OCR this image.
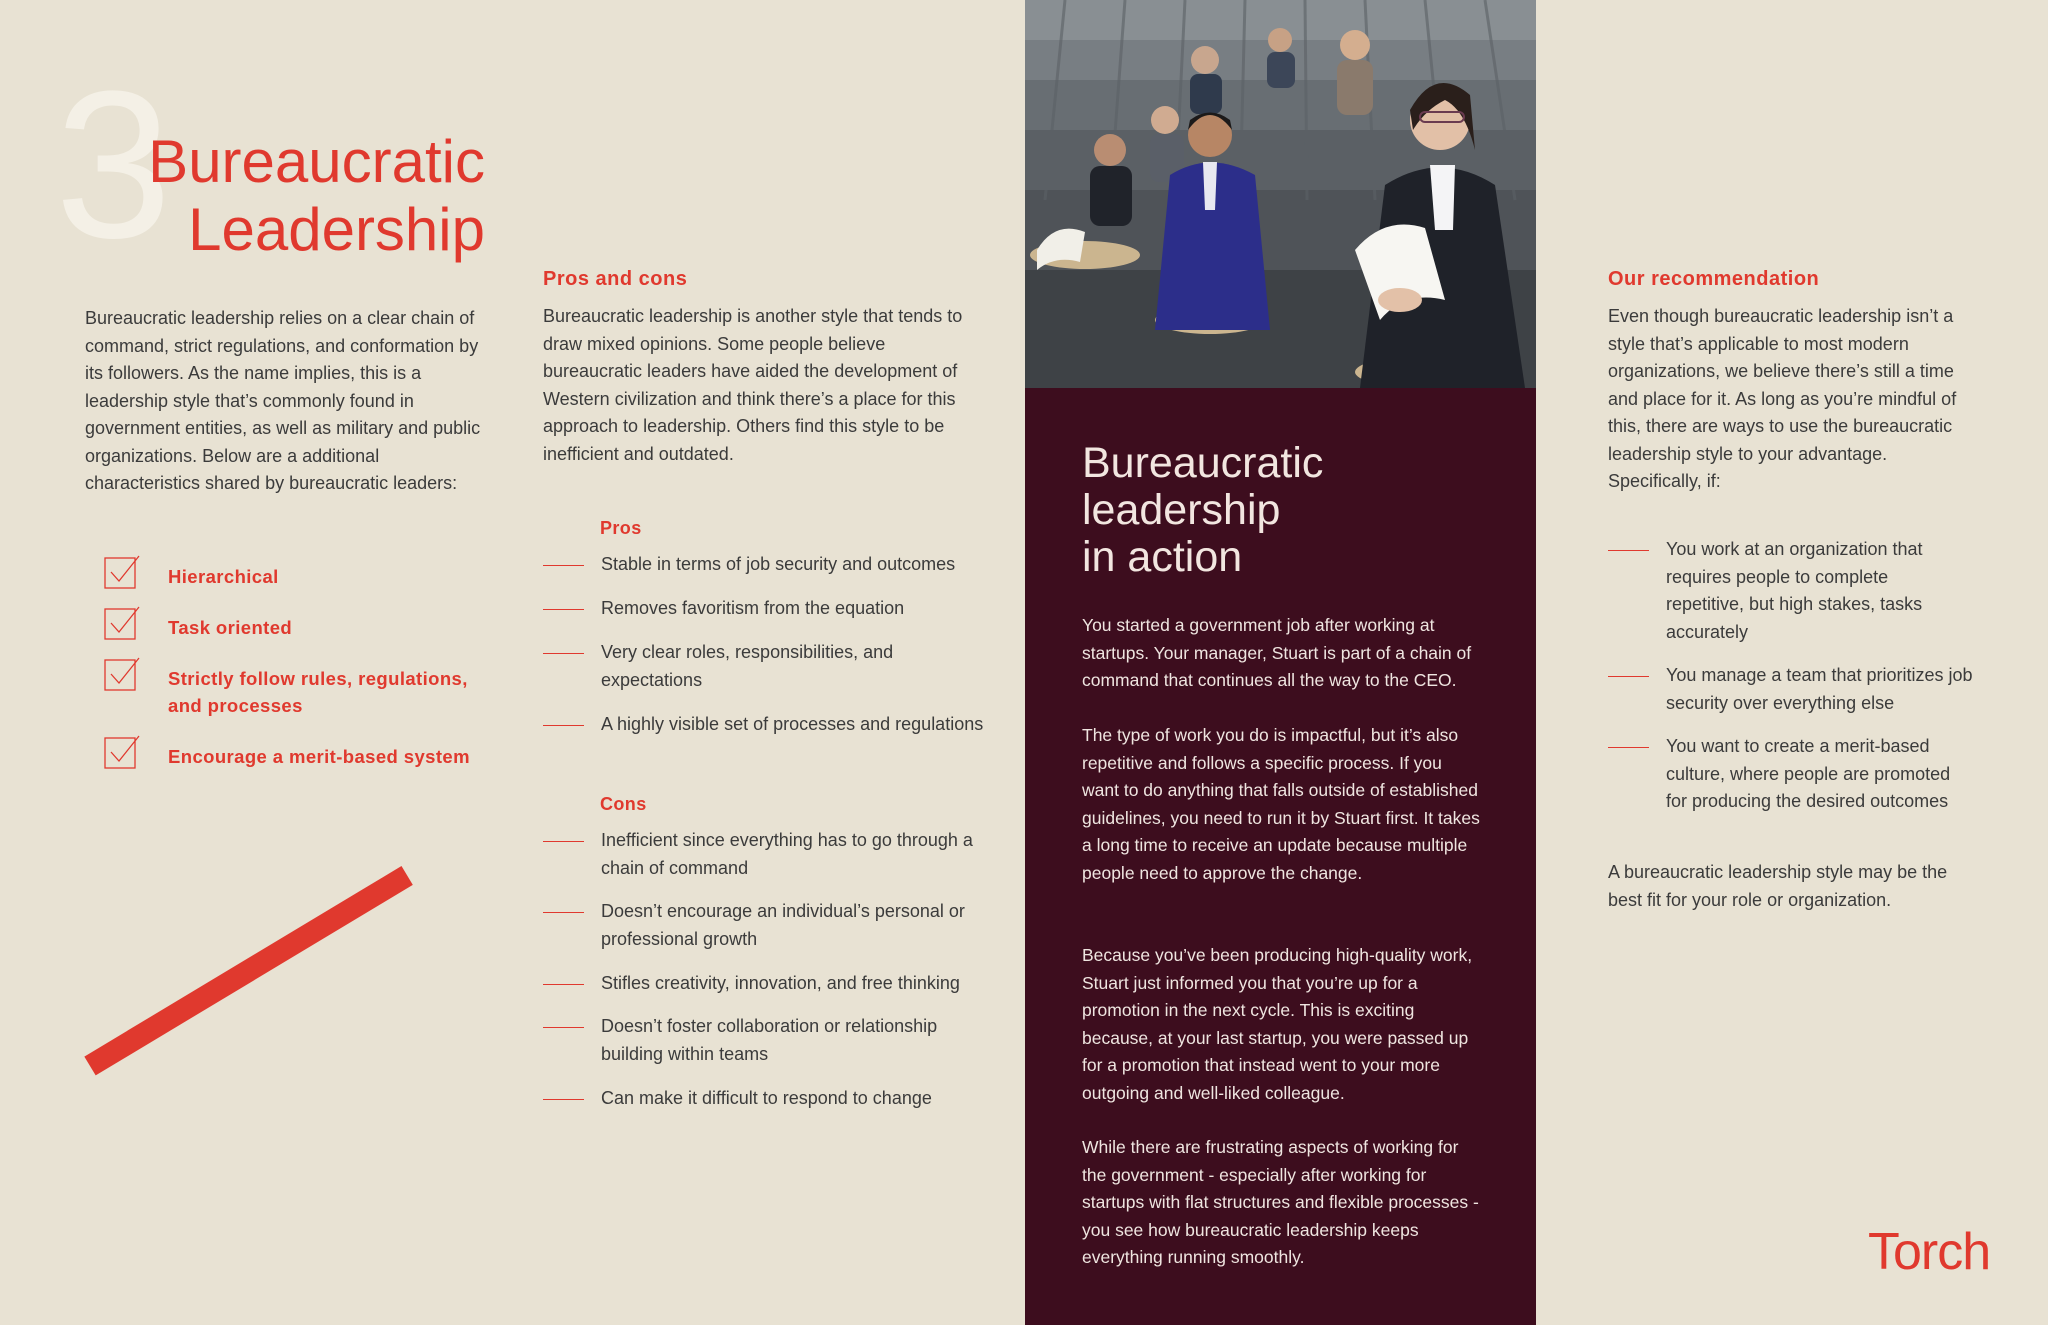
3
Bureaucratic
Leadership

Bureaucratic leadership relies on a clear chain of command, strict regulations, and conformation by its followers. As the name implies, this is a leadership style that’s commonly found in government entities, as well as military and public organizations. Below are a additional characteristics shared by bureaucratic leaders:

Hierarchical
Task oriented
Strictly follow rules, regulations, and processes
Encourage a merit-based system
Pros and cons

Bureaucratic leadership is another style that tends to draw mixed opinions. Some people believe bureaucratic leaders have aided the development of Western civilization and think there’s a place for this approach to leadership. Others find this style to be inefficient and outdated.

Pros
Stable in terms of job security and outcomes
Removes favoritism from the equation
Very clear roles, responsibilities, and expectations
A highly visible set of processes and regulations
Cons
Inefficient since everything has to go through a chain of command
Doesn’t encourage an individual’s personal or professional growth
Stifles creativity, innovation, and free thinking
Doesn’t foster collaboration or relationship building within teams
Can make it difficult to respond to change
Bureaucratic
leadership
in action

You started a government job after working at startups. Your manager, Stuart is part of a chain of command that continues all the way to the CEO.

The type of work you do is impactful, but it’s also repetitive and follows a specific process. If you want to do anything that falls outside of established guidelines, you need to run it by Stuart first. It takes a long time to receive an update because multiple people need to approve the change.

Because you’ve been producing high-quality work, Stuart just informed you that you’re up for a promotion in the next cycle. This is exciting because, at your last startup, you were passed up for a promotion that instead went to your more outgoing and well-liked colleague.

While there are frustrating aspects of working for the government - especially after working for startups with flat structures and flexible processes - you see how bureaucratic leadership keeps everything running smoothly.

Our recommendation

Even though bureaucratic leadership isn’t a style that’s applicable to most modern organizations, we believe there’s still a time and place for it. As long as you’re mindful of this, there are ways to use the bureaucratic leadership style to your advantage. Specifically, if:

You work at an organization that requires people to complete repetitive, but high stakes, tasks accurately
You manage a team that prioritizes job security over everything else
You want to create a merit-based culture, where people are promoted for producing the desired outcomes

A bureaucratic leadership style may be the best fit for your role or organization.

Torch
